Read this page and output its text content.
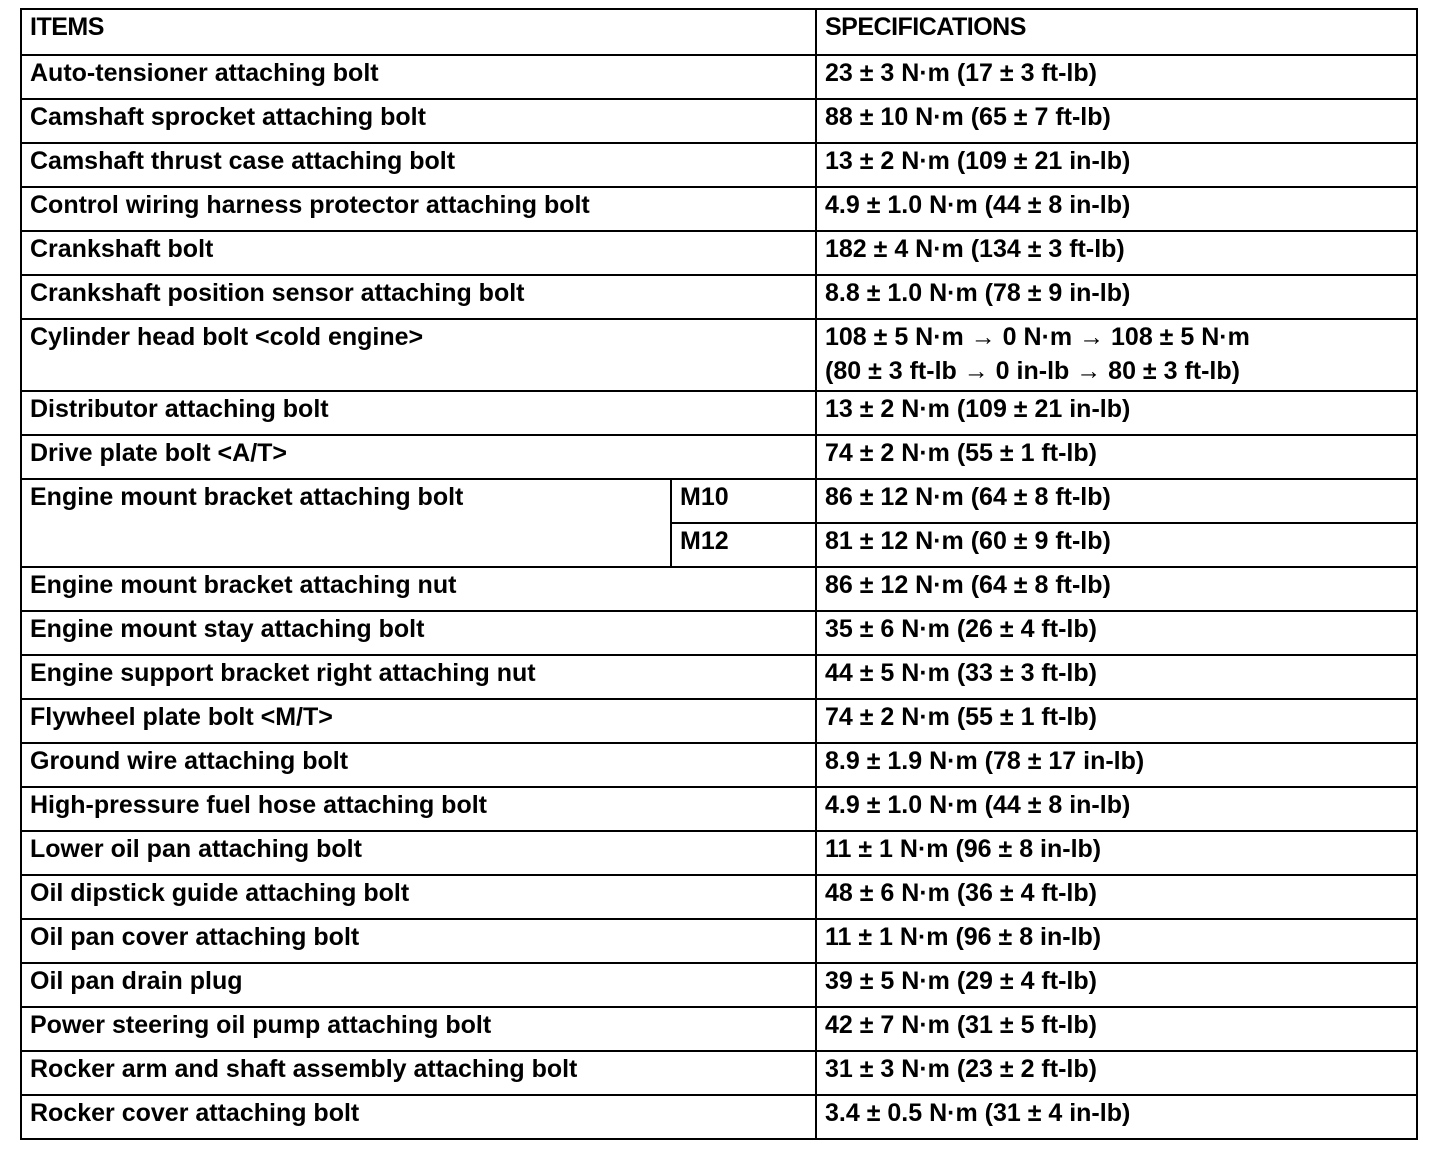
ITEMS		SPECIFICATIONS
Auto-tensioner attaching bolt		23 ± 3 N·m (17 ± 3 ft-lb)
Camshaft sprocket attaching bolt		88 ± 10 N·m (65 ± 7 ft-lb)
Camshaft thrust case attaching bolt		13 ± 2 N·m (109 ± 21 in-lb)
Control wiring harness protector attaching bolt		4.9 ± 1.0 N·m (44 ± 8 in-lb)
Crankshaft bolt		182 ± 4 N·m (134 ± 3 ft-lb)
Crankshaft position sensor attaching bolt		8.8 ± 1.0 N·m (78 ± 9 in-lb)
Cylinder head bolt <cold engine>		108 ± 5 N·m → 0 N·m → 108 ± 5 N·m
(80 ± 3 ft-lb → 0 in-lb → 80 ± 3 ft-lb)

Distributor attaching bolt		13 ± 2 N·m (109 ± 21 in-lb)
Drive plate bolt <A/T>		74 ± 2 N·m (55 ± 1 ft-lb)
Engine mount bracket attaching bolt	M10	86 ± 12 N·m (64 ± 8 ft-lb)
	M12	81 ± 12 N·m (60 ± 9 ft-lb)
Engine mount bracket attaching nut		86 ± 12 N·m (64 ± 8 ft-lb)
Engine mount stay attaching bolt		35 ± 6 N·m (26 ± 4 ft-lb)
Engine support bracket right attaching nut		44 ± 5 N·m (33 ± 3 ft-lb)
Flywheel plate bolt <M/T>		74 ± 2 N·m (55 ± 1 ft-lb)
Ground wire attaching bolt		8.9 ± 1.9 N·m (78 ± 17 in-lb)
High-pressure fuel hose attaching bolt		4.9 ± 1.0 N·m (44 ± 8 in-lb)
Lower oil pan attaching bolt		11 ± 1 N·m (96 ± 8 in-lb)
Oil dipstick guide attaching bolt		48 ± 6 N·m (36 ± 4 ft-lb)
Oil pan cover attaching bolt		11 ± 1 N·m (96 ± 8 in-lb)
Oil pan drain plug		39 ± 5 N·m (29 ± 4 ft-lb)
Power steering oil pump attaching bolt		42 ± 7 N·m (31 ± 5 ft-lb)
Rocker arm and shaft assembly attaching bolt		31 ± 3 N·m (23 ± 2 ft-lb)
Rocker cover attaching bolt		3.4 ± 0.5 N·m (31 ± 4 in-lb)
